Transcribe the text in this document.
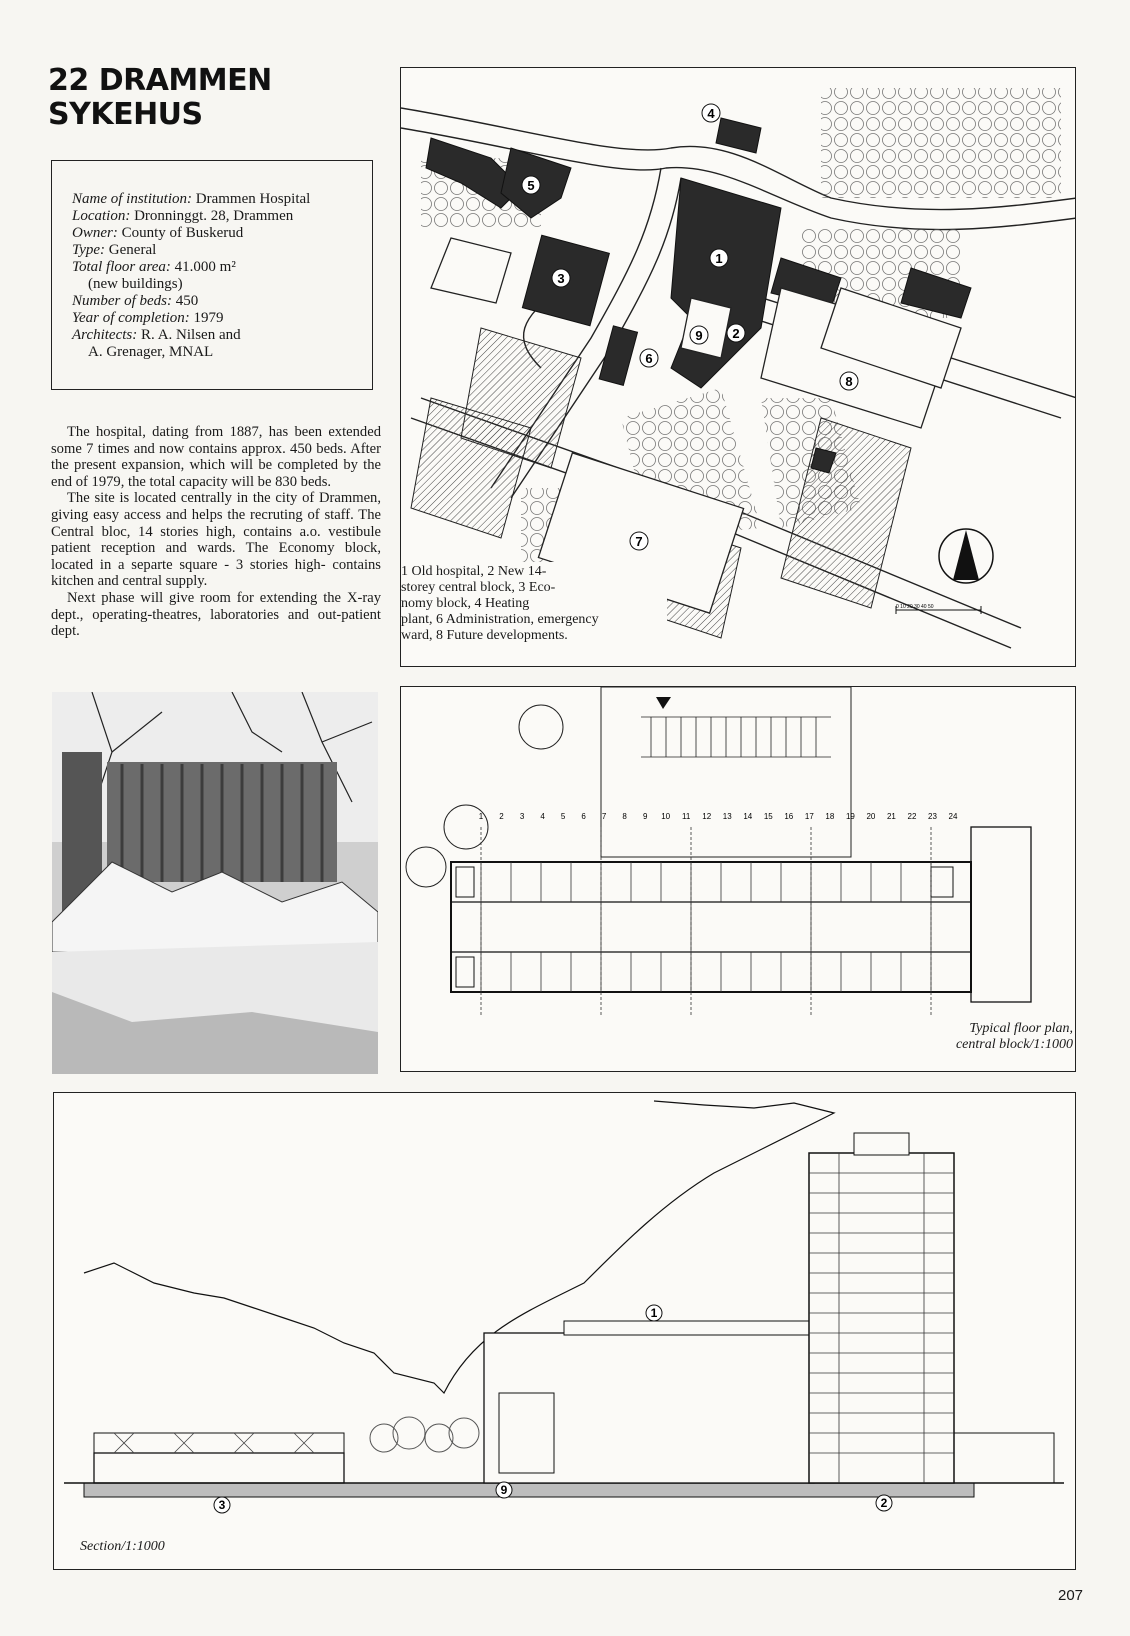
22 DRAMMEN
SYKEHUS
Name of institution: Drammen Hospital
Location: Dronninggt. 28, Drammen
Owner: County of Buskerud
Type: General
Total floor area: 41.000 m²
(new buildings)
Number of beds: 450
Year of completion: 1979
Architects: R. A. Nilsen and
A. Grenager, MNAL

The hospital, dating from 1887, has been extended some 7 times and now contains approx. 450 beds. After the present expansion, which will be completed by the end of 1979, the total capacity will be 830 beds.

The site is located centrally in the city of Drammen, giving easy access and helps the recruting of staff. The Central bloc, 14 stories high, contains a.o. vestibule patient reception and wards. The Economy block, located in a separte square - 3 stories high- contains kitchen and central supply.

Next phase will give room for extending the X-ray dept., operating-theatres, laboratories and out-patient dept.

1
2
3
4
5
6
7
8
9
0 10 20 30 40 50
1 Old hospital, 2 New 14-
storey central block, 3 Eco-
nomy block, 4 Heating
plant, 6 Administration, emergency
ward, 8 Future developments.
1 2 3 4 5 6 7 8 9 10 11 12 13 14 15 16 17 18 19 20 21 22 23 24
Typical floor plan,
central block/1:1000
1
2
3
9
Section/1:1000
207
